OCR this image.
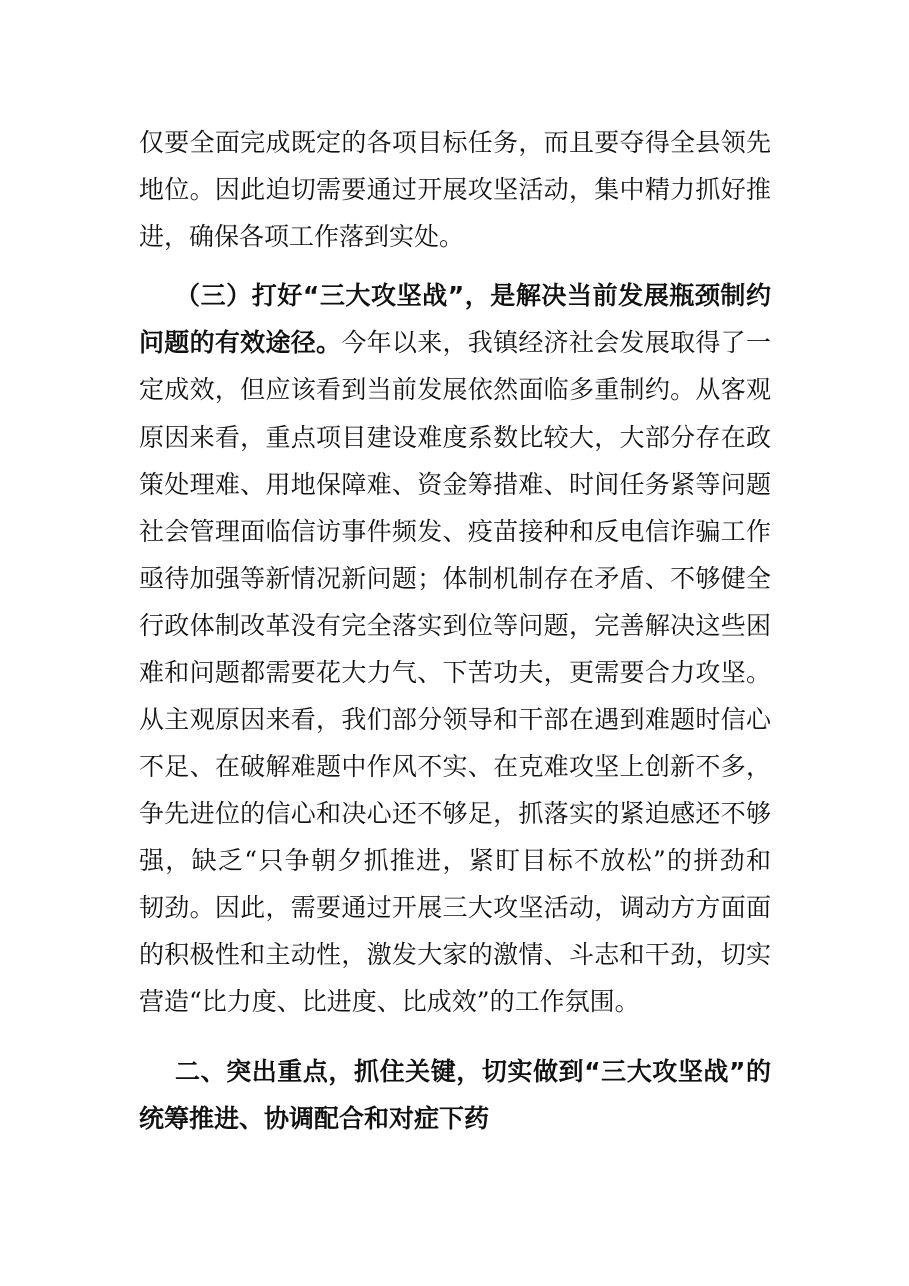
仅要全面完成既定的各项目标任务，而且要夺得全县领先
地位。因此迫切需要通过开展攻坚活动，集中精力抓好推
进，确保各项工作落到实处。
（三）打好“三大攻坚战”，是解决当前发展瓶颈制约
问题的有效途径。今年以来，我镇经济社会发展取得了一
定成效，但应该看到当前发展依然面临多重制约。从客观
原因来看，重点项目建设难度系数比较大，大部分存在政
策处理难、用地保障难、资金筹措难、时间任务紧等问题
社会管理面临信访事件频发、疫苗接种和反电信诈骗工作
亟待加强等新情况新问题；体制机制存在矛盾、不够健全
行政体制改革没有完全落实到位等问题，完善解决这些困
难和问题都需要花大力气、下苦功夫，更需要合力攻坚。
从主观原因来看，我们部分领导和干部在遇到难题时信心
不足、在破解难题中作风不实、在克难攻坚上创新不多，
争先进位的信心和决心还不够足，抓落实的紧迫感还不够
强，缺乏“只争朝夕抓推进，紧盯目标不放松”的拼劲和
韧劲。因此，需要通过开展三大攻坚活动，调动方方面面
的积极性和主动性，激发大家的激情、斗志和干劲，切实
营造“比力度、比进度、比成效”的工作氛围。
二、突出重点，抓住关键，切实做到“三大攻坚战”的
统筹推进、协调配合和对症下药
